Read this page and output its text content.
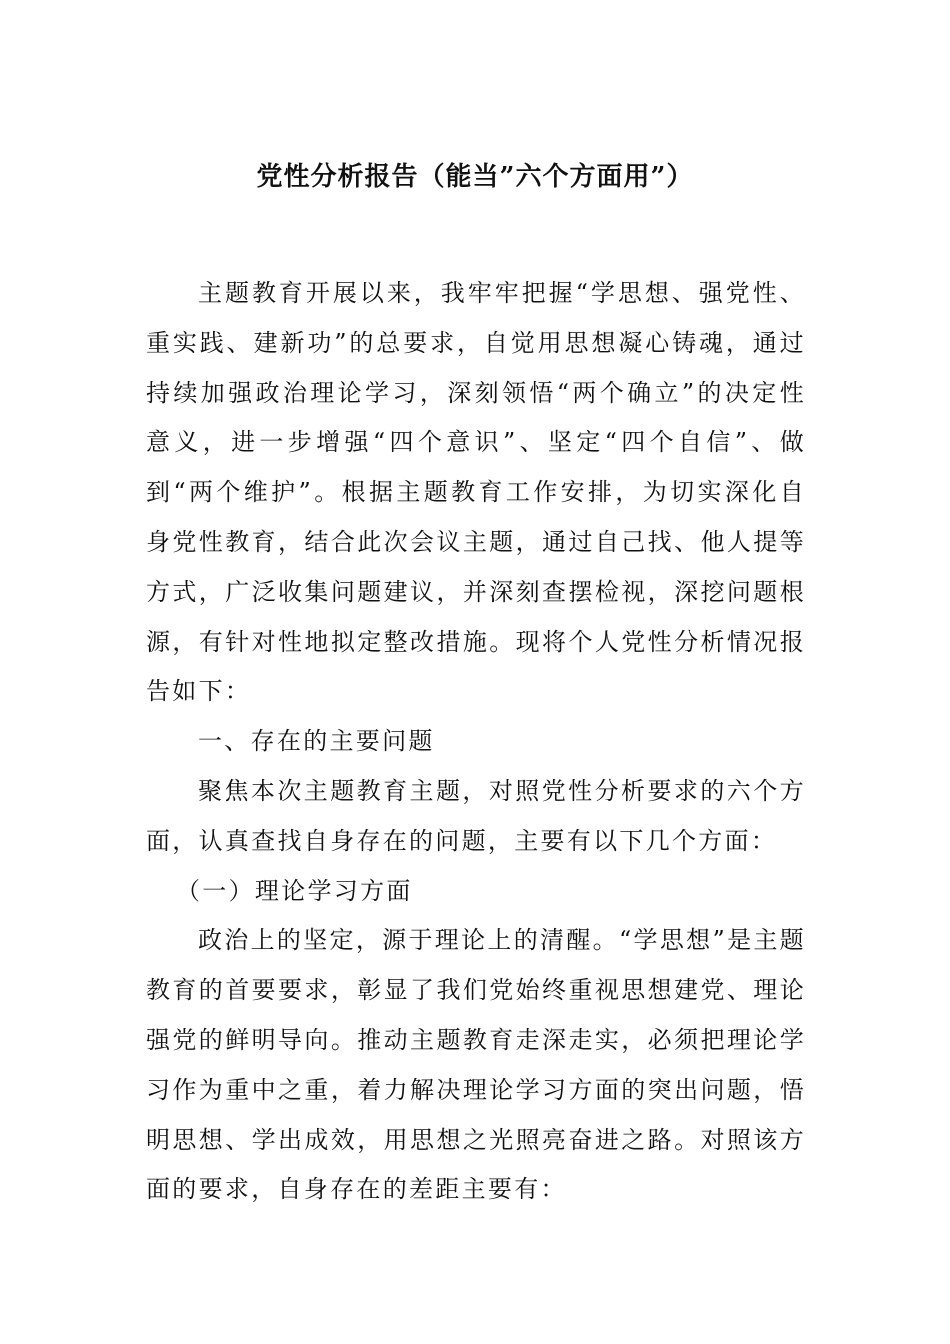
党性分析报告（能当”六个方面用”）

主题教育开展以来，我牢牢把握“学思想、强党性、重实践、建新功”的总要求，自觉用思想凝心铸魂，通过持续加强政治理论学习，深刻领悟“两个确立”的决定性意义，进一步增强“四个意识”、坚定“四个自信”、做到“两个维护”。根据主题教育工作安排，为切实深化自身党性教育，结合此次会议主题，通过自己找、他人提等方式，广泛收集问题建议，并深刻查摆检视，深挖问题根源，有针对性地拟定整改措施。现将个人党性分析情况报告如下：

一、存在的主要问题

聚焦本次主题教育主题，对照党性分析要求的六个方面，认真查找自身存在的问题，主要有以下几个方面：

（一）理论学习方面

政治上的坚定，源于理论上的清醒。“学思想”是主题教育的首要要求，彰显了我们党始终重视思想建党、理论强党的鲜明导向。推动主题教育走深走实，必须把理论学习作为重中之重，着力解决理论学习方面的突出问题，悟明思想、学出成效，用思想之光照亮奋进之路。对照该方面的要求，自身存在的差距主要有：
